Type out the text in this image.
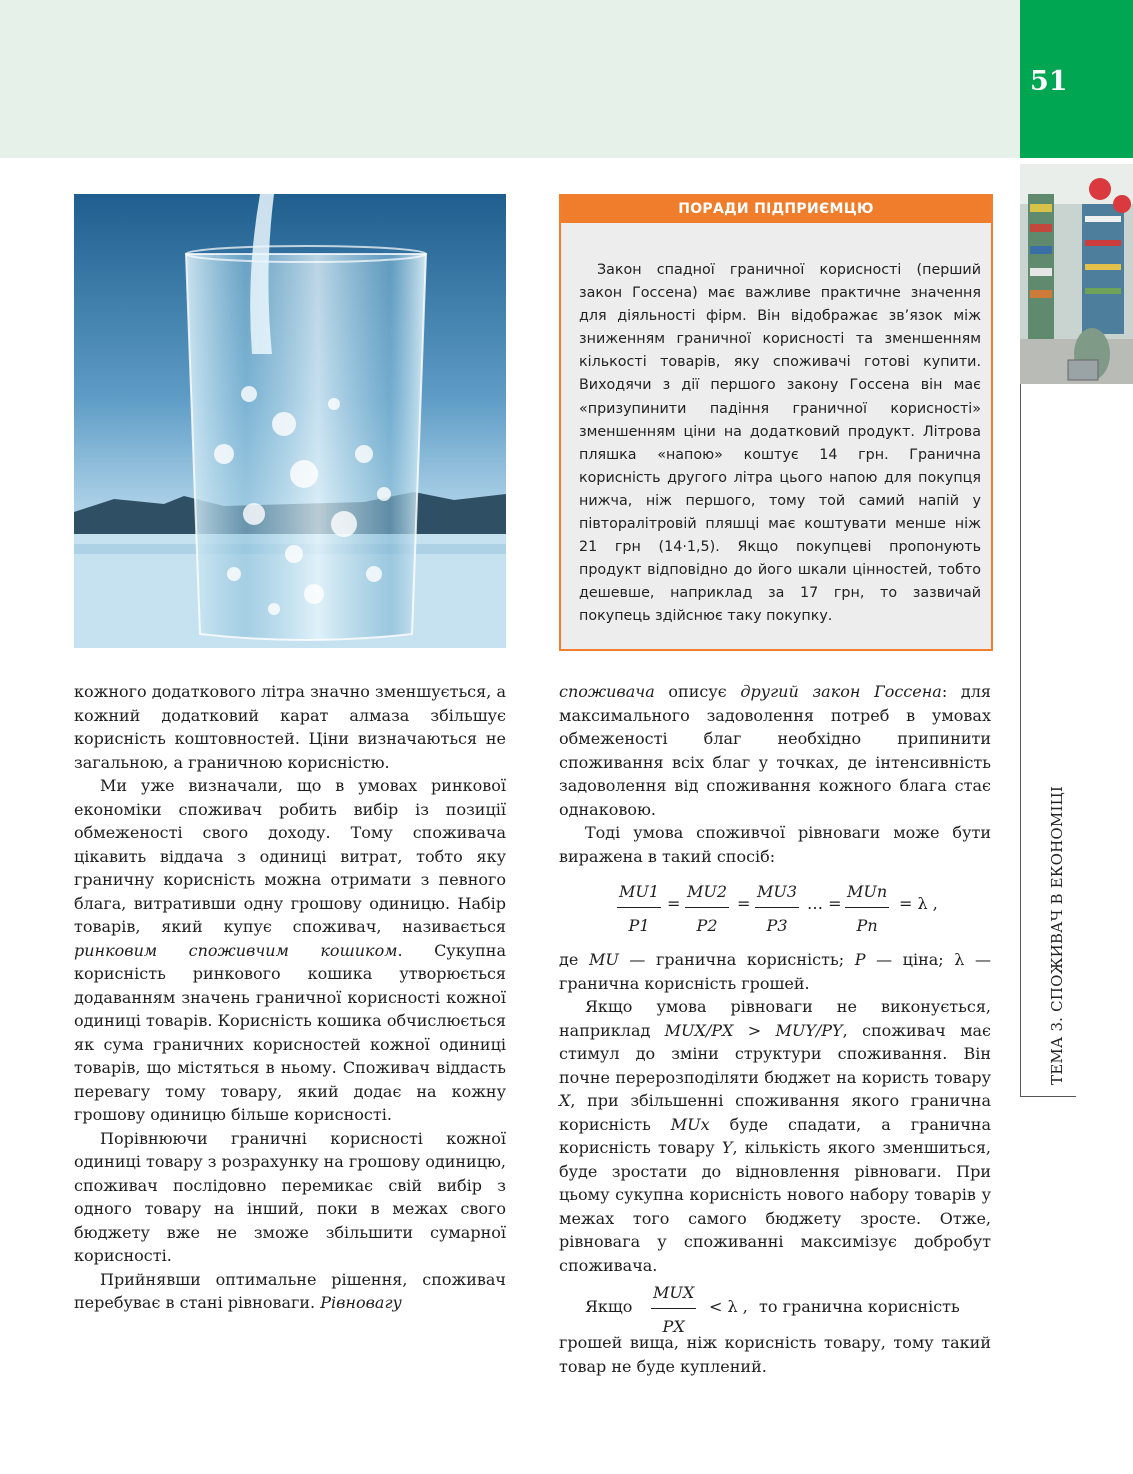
51
ТЕМА 3. СПОЖИВАЧ В ЕКОНОМІЦІ
ПОРАДИ ПІДПРИЄМЦЮ
Закон спадної граничної корисності (перший закон Госсена) має важливе практичне значення для діяльності фірм. Він відображає зв’язок між зниженням граничної корисності та зменшенням кількості товарів, яку споживачі готові купити. Виходячи з дії першого закону Госсена він має «призупинити падіння граничної корисності» зменшенням ціни на додатковий продукт. Літрова пляшка «напою» коштує 14 грн. Гранична корисність другого літра цього напою для покупця нижча, ніж першого, тому той самий напій у півторалітровій пляшці має коштувати менше ніж 21 грн (14·1,5). Якщо покупцеві пропонують продукт відповідно до його шкали цінностей, тобто дешевше, наприклад за 17 грн, то зазвичай покупець здійснює таку покупку.

кожного додаткового літра значно зменшується, а кожний додатковий карат алмаза збільшує корисність коштовностей. Ціни визначаються не загальною, а граничною корисністю.

Ми уже визначали, що в умовах ринкової економіки споживач робить вибір із позиції обмеженості свого доходу. Тому споживача цікавить віддача з одиниці витрат, тобто яку граничну корисність можна отримати з певного блага, витративши одну грошову одиницю. Набір товарів, який купує споживач, називається ринковим споживчим кошиком. Сукупна корисність ринкового кошика утворюється додаванням значень граничної корисності кожної одиниці товарів. Корисність кошика обчислюється як сума граничних корисностей кожної одиниці товарів, що містяться в ньому. Споживач віддасть перевагу тому товару, який додає на кожну грошову одиницю більше корисності.

Порівнюючи граничні корисності кожної одиниці товару з розрахунку на грошову одиницю, споживач послідовно перемикає свій вибір з одного товару на інший, поки в межах свого бюджету вже не зможе збільшити сумарної корисності.

Прийнявши оптимальне рішення, споживач перебуває в стані рівноваги. Рівновагу

споживача описує другий закон Госсена: для максимального задоволення потреб в умовах обмеженості благ необхідно припинити споживання всіх благ у точках, де інтенсивність задоволення від споживання кожного блага стає однаковою.

Тоді умова споживчої рівноваги може бути виражена в такий спосіб:

$\frac{MU1}{P1} = \frac{MU2}{P2} = \frac{MU3}{P3}$ … =
MUn
Pn
= λ ,

де MU — гранична корисність; P — ціна; λ — гранична корисність грошей.

Якщо умова рівноваги не виконується, наприклад MUX/PX > MUY/PY, споживач має стимул до зміни структури споживання. Він почне перерозподіляти бюджет на користь товару X, при збільшенні споживання якого гранична корисність MUx буде спадати, а гранична корисність товару Y, кількість якого зменшиться, буде зростати до відновлення рівноваги. При цьому сукупна корисність нового набору товарів у межах того самого бюджету зросте. Отже, рівновага у споживанні максимізує добробут споживача.

Якщо
MUX
PX
< λ , то гранична корисність

грошей вища, ніж корисність товару, тому такий товар не буде куплений.
